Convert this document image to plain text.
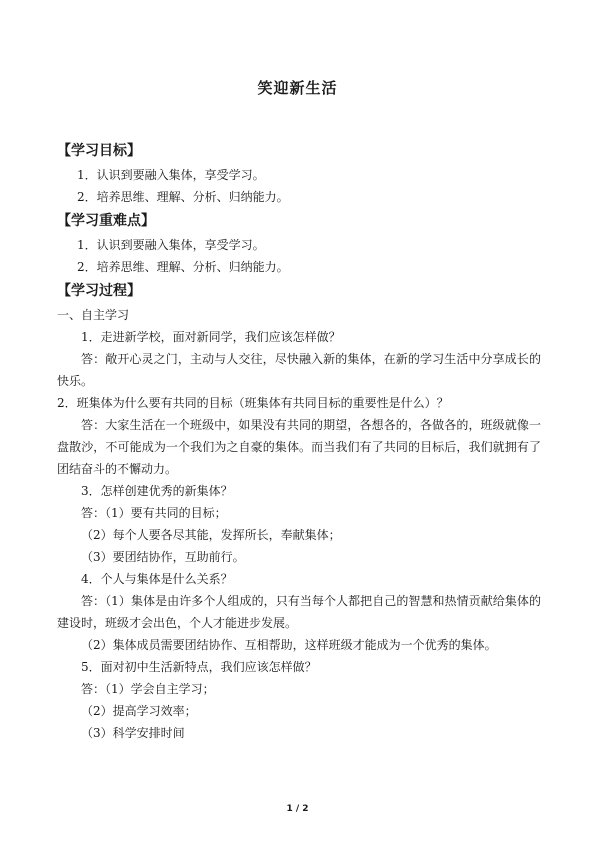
笑迎新生活
【学习目标】

1．认识到要融入集体，享受学习。

2．培养思维、理解、分析、归纳能力。

【学习重难点】

1．认识到要融入集体，享受学习。

2．培养思维、理解、分析、归纳能力。

【学习过程】

一、自主学习

1．走进新学校，面对新同学，我们应该怎样做？

答：敞开心灵之门，主动与人交往，尽快融入新的集体，在新的学习生活中分享成长的快乐。

2．班集体为什么要有共同的目标（班集体有共同目标的重要性是什么）？

答：大家生活在一个班级中，如果没有共同的期望，各想各的，各做各的，班级就像一盘散沙，不可能成为一个我们为之自豪的集体。而当我们有了共同的目标后，我们就拥有了团结奋斗的不懈动力。

3．怎样创建优秀的新集体？

答：（1）要有共同的目标；

（2）每个人要各尽其能，发挥所长，奉献集体；

（3）要团结协作，互助前行。

4．个人与集体是什么关系？

答：（1）集体是由许多个人组成的，只有当每个人都把自己的智慧和热情贡献给集体的建设时，班级才会出色，个人才能进步发展。

（2）集体成员需要团结协作、互相帮助，这样班级才能成为一个优秀的集体。

5．面对初中生活新特点，我们应该怎样做？

答：（1）学会自主学习；

（2）提高学习效率；

（3）科学安排时间

1 / 2
